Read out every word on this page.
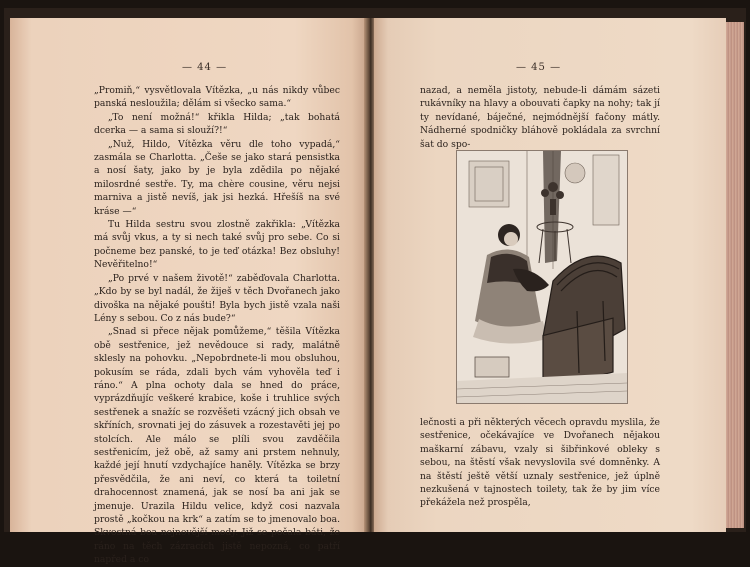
— 44 —

„Promiň,“ vysvětlovala Vítězka, „u nás nikdy vůbec panská nesloužila; dělám si všecko sama.“

„To není možná!“ křikla Hilda; „tak bohatá dcerka — a sama si slouží?!“

„Nuž, Hildo, Vítězka věru dle toho vypadá,“ zasmála se Charlotta. „Češe se jako stará pensistka a nosí šaty, jako by je byla zdědila po nějaké milosrdné sestře. Ty, ma chère cousine, věru nejsi marniva a jistě nevíš, jak jsi hezká. Hřešíš na své kráse —“

Tu Hilda sestru svou zlostně zakřikla: „Vítězka má svůj vkus, a ty si nech také svůj pro sebe. Co si počneme bez panské, to je teď otázka! Bez obsluhy! Nevěřitelno!“

„Po prvé v našem životě!“ zaběďovala Charlotta. „Kdo by se byl nadál, že žiješ v těch Dvořanech jako divoška na nějaké poušti! Byla bych jistě vzala naši Lény s sebou. Co z nás bude?“

„Snad si přece nějak pomůžeme,“ těšila Vítězka obě sestřenice, jež nevědouce si rady, malátně sklesly na pohovku. „Nepobrdnete-li mou obsluhou, pokusím se ráda, zdali bych vám vyhověla teď i ráno.“ A plna ochoty dala se hned do práce, vyprázdňujíc veškeré krabice, koše i truhlice svých sestřenek a snažíc se rozvěšeti vzácný jich obsah ve skříních, srovnati jej do zásuvek a rozestavěti jej po stolcích. Ale málo se plíli svou zavděčila sestřenicím, jež obě, až samy ani prstem nehnuly, každé její hnutí vzdychajíce haněly. Vítězka se brzy přesvědčila, že ani neví, co která ta toiletní drahocennost znamená, jak se nosí ba ani jak se jmenuje. Urazila Hildu velice, když cosi nazvala prostě „kočkou na krk“ a zatím se to jmenovalo boa. Skvostná boa nejnovější mody. Již se počala báti, že ráno na těch zázracích jistě nepozná, co patří napřed a co

— 45 —

nazad, a neměla jistoty, nebude-li dámám sázeti rukávníky na hlavy a obouvati čapky na nohy; tak jí ty nevídané, báječné, nejmódnější fačony mátly. Nádherné spodničky bláhově pokládala za svrchní šat do spo-

lečnosti a při některých věcech opravdu myslila, že sestřenice, očekávajíce ve Dvořanech nějakou maškarní zábavu, vzaly si šibřinkové obleky s sebou, na štěstí však nevyslovila své domněnky. A na štěstí ještě větší uznaly sestřenice, jež úplně nezkušená v tajnostech toilety, tak že by jim více překážela než prospěla,
